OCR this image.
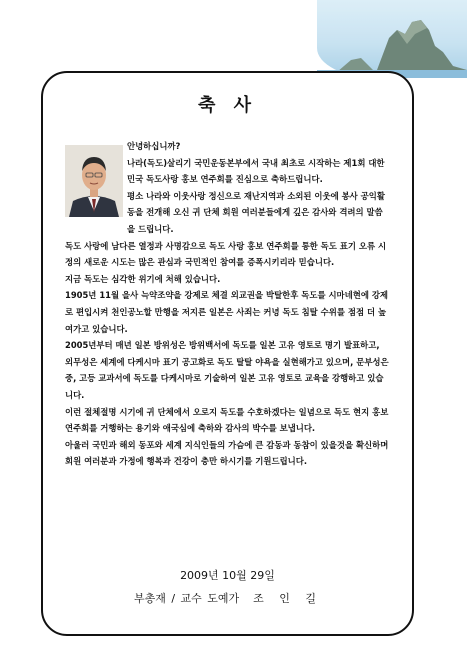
축 사

안녕하십니까?

나라(독도)살리기 국민운동본부에서 국내 최초로 시작하는 제1회 대한민국 독도사랑 홍보 연주회를 진심으로 축하드립니다.

평소 나라와 이웃사랑 정신으로 재난지역과 소외된 이웃에 봉사 공익활동을 전개해 오신 귀 단체 회원 여러분들에게 깊은 감사와 격려의 말씀을 드립니다.

독도 사랑에 남다른 열정과 사명감으로 독도 사랑 홍보 연주회를 통한 독도 표기 오류 시정의 새로운 시도는 많은 관심과 국민적인 참여를 증폭시키리라 믿습니다.

지금 독도는 심각한 위기에 처해 있습니다.

1905년 11월 을사 늑약조약을 강제로 체결 외교권을 박탈한후 독도를 시마네현에 강제로 편입시켜 천인공노할 만행을 저지른 일본은 사죄는 커녕 독도 침탈 수위를 점점 더 높여가고 있습니다.

2005년부터 매년 일본 방위성은 방위백서에 독도를 일본 고유 영토로 명기 발표하고, 외무성은 세계에 다케시마 표기 공고화로 독도 탈탈 야욕을 실현해가고 있으며, 문부성은 중, 고등 교과서에 독도를 다케시마로 기술하여 일본 고유 영토로 교육을 강행하고 있습니다.

이런 절체절명 시기에 귀 단체에서 오로지 독도를 수호하겠다는 일념으로 독도 현지 홍보 연주회를 거행하는 용기와 애국심에 축하와 감사의 박수를 보냅니다.

아울러 국민과 해외 동포와 세계 지식인들의 가슴에 큰 감동과 동참이 있을것을 확신하며 회원 여러분과 가정에 행복과 건강이 충만 하시기를 기원드립니다.

2009년 10월 29일
부총재 / 교수 도예가 조 인 길
